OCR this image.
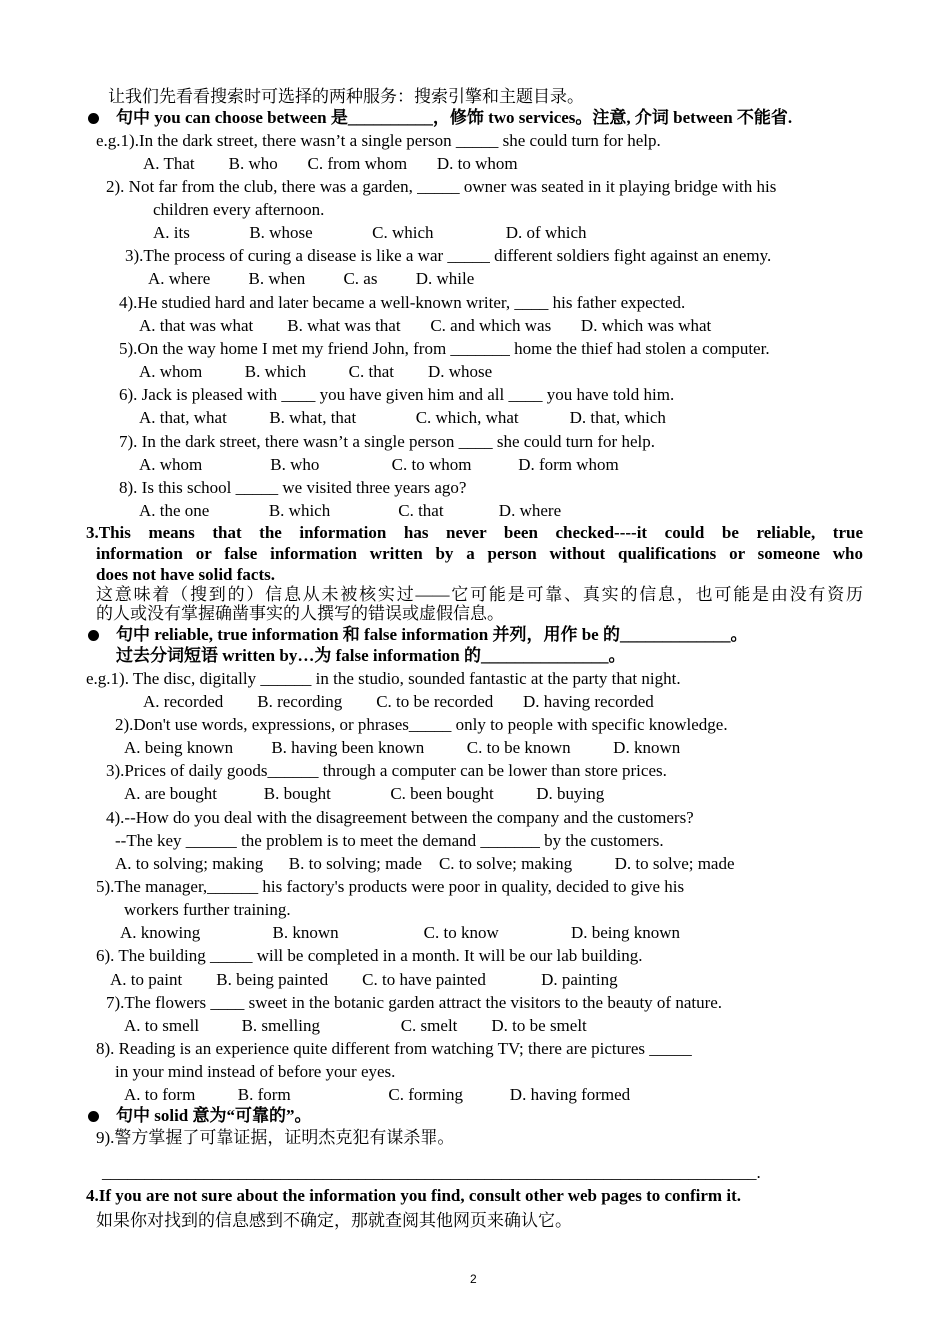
让我们先看看搜索时可选择的两种服务：搜索引擎和主题目录。
句中 you can choose between 是__________，修饰 two services。注意, 介词 between 不能省.
e.g.1).In the dark street, there wasn’t a single person _____ she could turn for help.
A. That        B. who       C. from whom       D. to whom
2). Not far from the club, there was a garden, _____ owner was seated in it playing bridge with his
children every afternoon.
A. its              B. whose              C. which                 D. of which
3).The process of curing a disease is like a war _____ different soldiers fight against an enemy.
A. where         B. when         C. as         D. while
4).He studied hard and later became a well-known writer, ____ his father expected.
A. that was what        B. what was that       C. and which was       D. which was what
5).On the way home I met my friend John, from _______ home the thief had stolen a computer.
A. whom          B. which          C. that        D. whose
6). Jack is pleased with ____ you have given him and all ____ you have told him.
A. that, what          B. what, that              C. which, what            D. that, which
7). In the dark street, there wasn’t a single person ____ she could turn for help.
A. whom                B. who                 C. to whom           D. form whom
8). Is this school _____ we visited three years ago?
A. the one              B. which                C. that             D. where
3.This means that the information has never been checked----it could be reliable, true
information or false information written by a person without qualifications or someone who
does not have solid facts.
这意味着（搜到的）信息从未被核实过——它可能是可靠、真实的信息，也可能是由没有资历
的人或没有掌握确凿事实的人撰写的错误或虚假信息。
句中 reliable, true information 和 false information 并列，用作 be 的_____________。
过去分词短语 written by…为 false information 的_______________。
e.g.1). The disc, digitally ______ in the studio, sounded fantastic at the party that night.
A. recorded        B. recording        C. to be recorded       D. having recorded
2).Don't use words, expressions, or phrases_____ only to people with specific knowledge.
A. being known         B. having been known          C. to be known          D. known
3).Prices of daily goods______ through a computer can be lower than store prices.
A. are bought           B. bought              C. been bought          D. buying
4).--How do you deal with the disagreement between the company and the customers?
--The key ______ the problem is to meet the demand _______ by the customers.
A. to solving; making      B. to solving; made    C. to solve; making          D. to solve; made
5).The manager,______ his factory's products were poor in quality, decided to give his
workers further training.
A. knowing                 B. known                    C. to know                 D. being known
6). The building _____ will be completed in a month. It will be our lab building.
A. to paint        B. being painted        C. to have painted             D. painting
7).The flowers ____ sweet in the botanic garden attract the visitors to the beauty of nature.
A. to smell          B. smelling                   C. smelt        D. to be smelt
8). Reading is an experience quite different from watching TV; there are pictures _____
in your mind instead of before your eyes.
A. to form          B. form                       C. forming           D. having formed
句中 solid 意为“可靠的”。
9).警方掌握了可靠证据，证明杰克犯有谋杀罪。
_____________________________________________________________________________.
4.If you are not sure about the information you find, consult other web pages to confirm it.
如果你对找到的信息感到不确定，那就查阅其他网页来确认它。
2
